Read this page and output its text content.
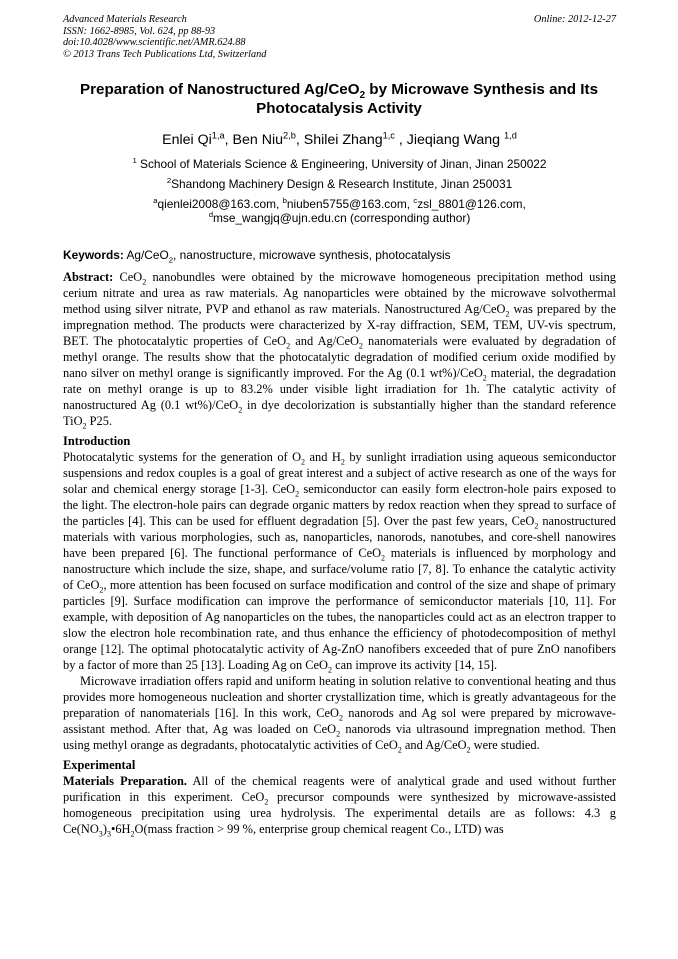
Advanced Materials Research
ISSN: 1662-8985, Vol. 624, pp 88-93
doi:10.4028/www.scientific.net/AMR.624.88
© 2013 Trans Tech Publications Ltd, Switzerland
Online: 2012-12-27
Preparation of Nanostructured Ag/CeO$_2$ by Microwave Synthesis and Its Photocatalysis Activity
Enlei Qi$^{1,a}$, Ben Niu$^{2,b}$, Shilei Zhang$^{1,c}$ , Jieqiang Wang $^{1,d}$
$^1$ School of Materials Science & Engineering, University of Jinan, Jinan 250022
$^2$Shandong Machinery Design & Research Institute, Jinan 250031
$^a$qienlei2008@163.com, $^b$niuben5755@163.com, $^c$zsl_8801@126.com,
$^d$mse_wangjq@ujn.edu.cn (corresponding author)
Keywords: Ag/CeO$_2$, nanostructure, microwave synthesis, photocatalysis

Abstract: CeO$_2$ nanobundles were obtained by the microwave homogeneous precipitation method using cerium nitrate and urea as raw materials. Ag nanoparticles were obtained by the microwave solvothermal method using silver nitrate, PVP and ethanol as raw materials. Nanostructured Ag/CeO$_2$ was prepared by the impregnation method. The products were characterized by X-ray diffraction, SEM, TEM, UV-vis spectrum, BET. The photocatalytic properties of CeO$_2$ and Ag/CeO$_2$ nanomaterials were evaluated by degradation of methyl orange. The results show that the photocatalytic degradation of modified cerium oxide modified by nano silver on methyl orange is significantly improved. For the Ag (0.1 wt%)/CeO$_2$ material, the degradation rate on methyl orange is up to 83.2% under visible light irradiation for 1h. The catalytic activity of nanostructured Ag (0.1 wt%)/CeO$_2$ in dye decolorization is substantially higher than the standard reference TiO$_2$ P25.

Introduction

Photocatalytic systems for the generation of $O_2$ and $H_2$ by sunlight irradiation using aqueous semiconductor suspensions and redox couples is a goal of great interest and a subject of active research as one of the ways for solar and chemical energy storage [1-3]. CeO$_2$ semiconductor can easily form electron-hole pairs exposed to the light. The electron-hole pairs can degrade organic matters by redox reaction when they spread to surface of the particles [4]. This can be used for effluent degradation [5]. Over the past few years, CeO$_2$ nanostructured materials with various morphologies, such as, nanoparticles, nanorods, nanotubes, and core-shell nanowires have been prepared [6]. The functional performance of CeO$_2$ materials is influenced by morphology and nanostructure which include the size, shape, and surface/volume ratio [7, 8]. To enhance the catalytic activity of CeO$_2$, more attention has been focused on surface modification and control of the size and shape of primary particles [9]. Surface modification can improve the performance of semiconductor materials [10, 11]. For example, with deposition of Ag nanoparticles on the tubes, the nanoparticles could act as an electron trapper to slow the electron hole recombination rate, and thus enhance the efficiency of photodecomposition of methyl orange [12]. The optimal photocatalytic activity of Ag-ZnO nanofibers exceeded that of pure ZnO nanofibers by a factor of more than 25 [13]. Loading Ag on CeO$_2$ can improve its activity [14, 15].

Microwave irradiation offers rapid and uniform heating in solution relative to conventional heating and thus provides more homogeneous nucleation and shorter crystallization time, which is greatly advantageous for the preparation of nanomaterials [16]. In this work, CeO$_2$ nanorods and Ag sol were prepared by microwave-assistant method. After that, Ag was loaded on CeO$_2$ nanorods via ultrasound impregnation method. Then using methyl orange as degradants, photocatalytic activities of CeO$_2$ and Ag/CeO$_2$ were studied.

Experimental

Materials Preparation. All of the chemical reagents were of analytical grade and used without further purification in this experiment. CeO$_2$ precursor compounds were synthesized by microwave-assisted homogeneous precipitation using urea hydrolysis. The experimental details are as follows: 4.3 g $Ce(NO_3)_3•6H_2O(mass$ fraction > 99 %, enterprise group chemical reagent Co., LTD) was
